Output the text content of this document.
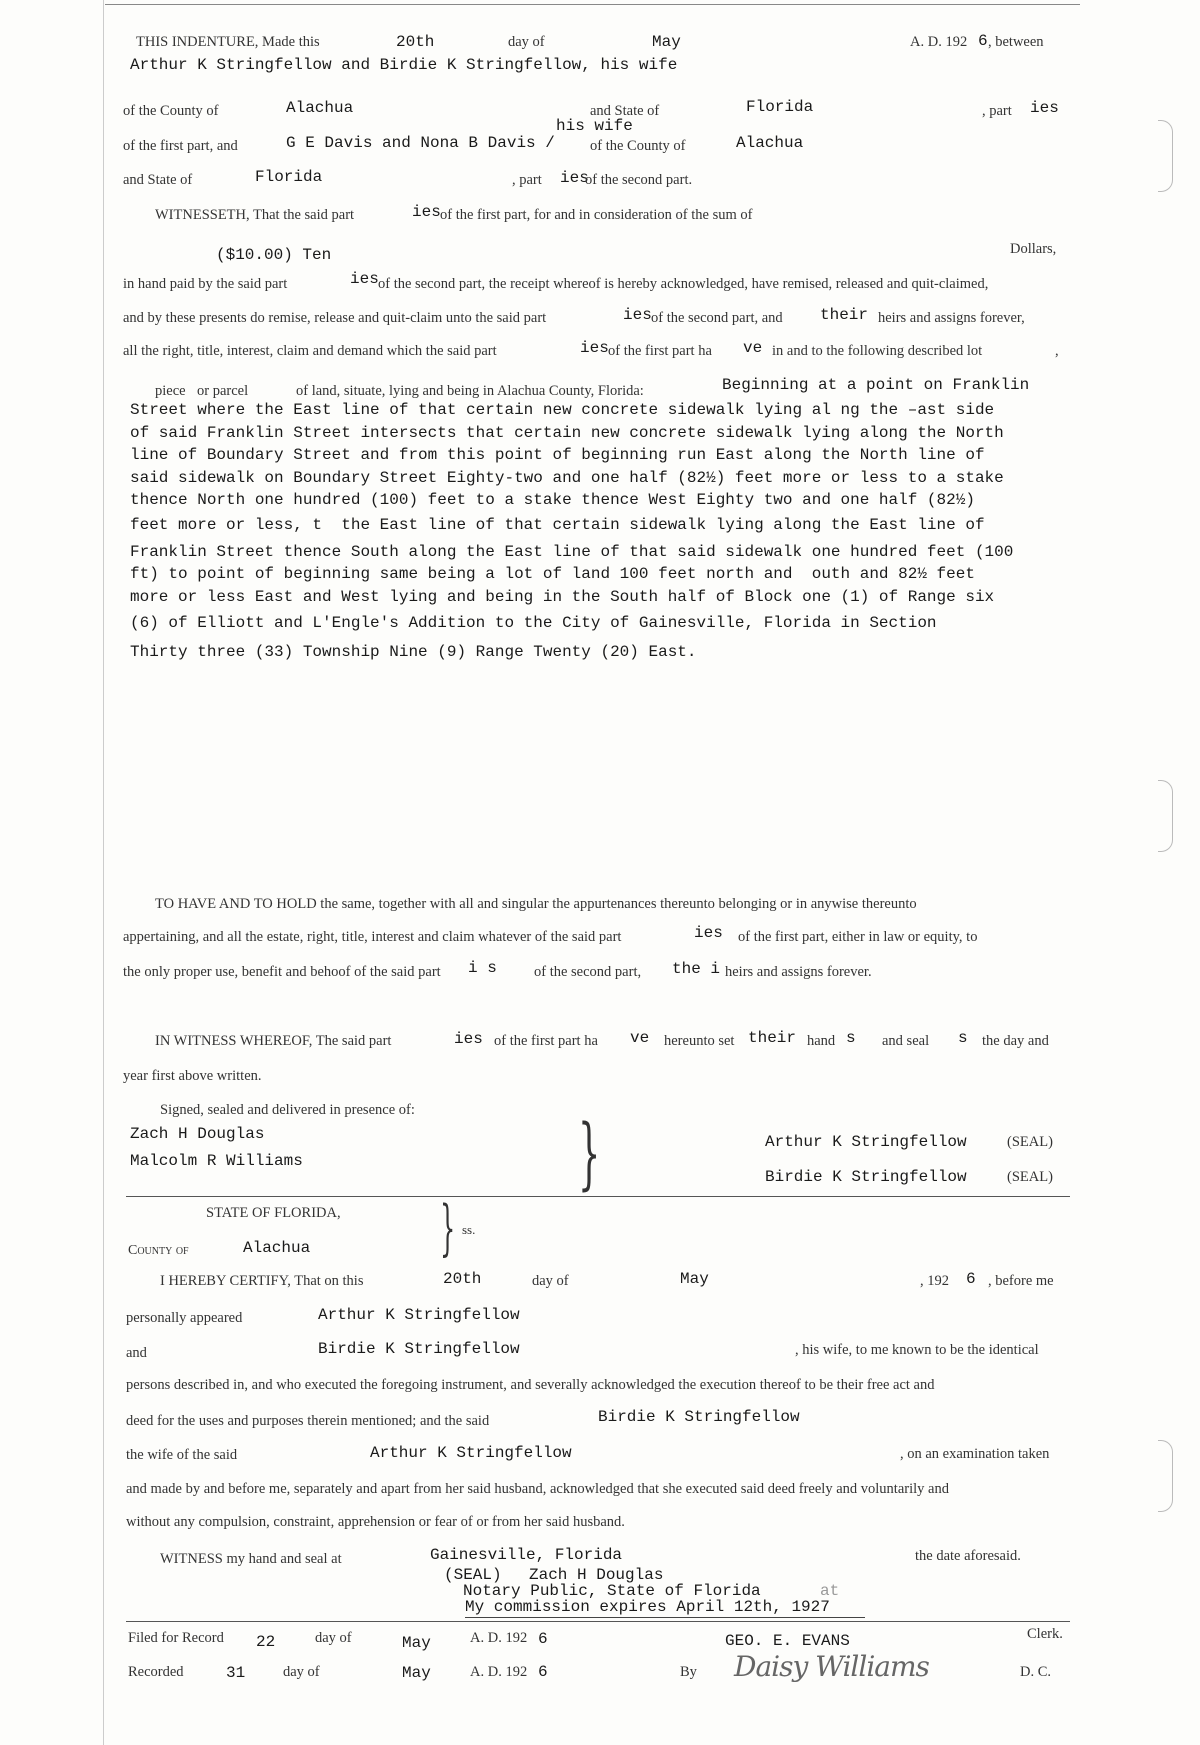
THIS INDENTURE, Made this	20th	day of	May	A. D. 192 6 , between
Arthur K Stringfellow and Birdie K Stringfellow, his wife
of the County of	Alachua	and State of	Florida	, part ies
his wife
of the first part, and	G E Davis and Nona B Davis / of the County of	Alachua
and State of	Florida	, part ies
of the second part.
WITNESSETH, That the said part	ies of the first part, for and in consideration of the sum of
($10.00) Ten	Dollars,
in hand paid by the said part	ies of the second part, the receipt whereof is hereby acknowledged, have remised, released and quit-claimed,
and by these presents do remise, release and quit-claim unto the said part	ies of the second part, and their heirs and assigns forever,
all the right, title, interest, claim and demand which the said part	ies of the first part ha ve in and to the following described lot	,
piece or parcel	of land, situate, lying and being in Alachua County, Florida:	Beginning at a point on Franklin
Street where the East line of that certain new concrete sidewalk lying al ng the –ast side
of said Franklin Street intersects that certain new concrete sidewalk lying along the North
line of Boundary Street and from this point of beginning run East along the North line of
said sidewalk on Boundary Street Eighty-two and one half (82½) feet more or less to a stake
thence North one hundred (100) feet to a stake thence West Eighty two and one half (82½)
feet more or less, t  the East line of that certain sidewalk lying along the East line of
Franklin Street thence South along the East line of that said sidewalk one hundred feet (100
ft) to point of beginning same being a lot of land 100 feet north and  outh and 82½ feet
more or less East and West lying and being in the South half of Block one (1) of Range six
(6) of Elliott and L'Engle's Addition to the City of Gainesville, Florida in Section
Thirty three (33) Township Nine (9) Range Twenty (20) East.
TO HAVE AND TO HOLD the same, together with all and singular the appurtenances thereunto belonging or in anywise thereunto
appertaining, and all the estate, right, title, interest and claim whatever of the said part	ies of the first part, either in law or equity, to
the only proper use, benefit and behoof of the said part i s	of the second part, the i heirs and assigns forever.
IN WITNESS WHEREOF, The said part	ies of the first part ha ve hereunto set their hand s and seal s the day and
year first above written.
Signed, sealed and delivered in presence of:
Zach H Douglas
Malcolm R Williams	}	Arthur K Stringfellow	(SEAL)
Birdie K Stringfellow	(SEAL)
STATE OF FLORIDA,
County of	Alachua } ss.
I HEREBY CERTIFY, That on this	20th	day of	May	, 192 6 , before me
personally appeared	Arthur K Stringfellow
and	Birdie K Stringfellow	, his wife, to me known to be the identical
persons described in, and who executed the foregoing instrument, and severally acknowledged the execution thereof to be their free act and
deed for the uses and purposes therein mentioned; and the said	Birdie K Stringfellow
the wife of the said	Arthur K Stringfellow	, on an examination taken
and made by and before me, separately and apart from her said husband, acknowledged that she executed said deed freely and voluntarily and
without any compulsion, constraint, apprehension or fear of or from her said husband.
WITNESS my hand and seal at	Gainesville, Florida	the date aforesaid.
(SEAL) Zach H Douglas
Notary Public, State of Florida	at
My commission expires April 12th, 1927
Filed for Record 22	day of	May	A. D. 192 6	GEO. E. EVANS	Clerk.
Recorded	31	day of	May	A. D. 192 6	By Daisy Williams	D. C.
